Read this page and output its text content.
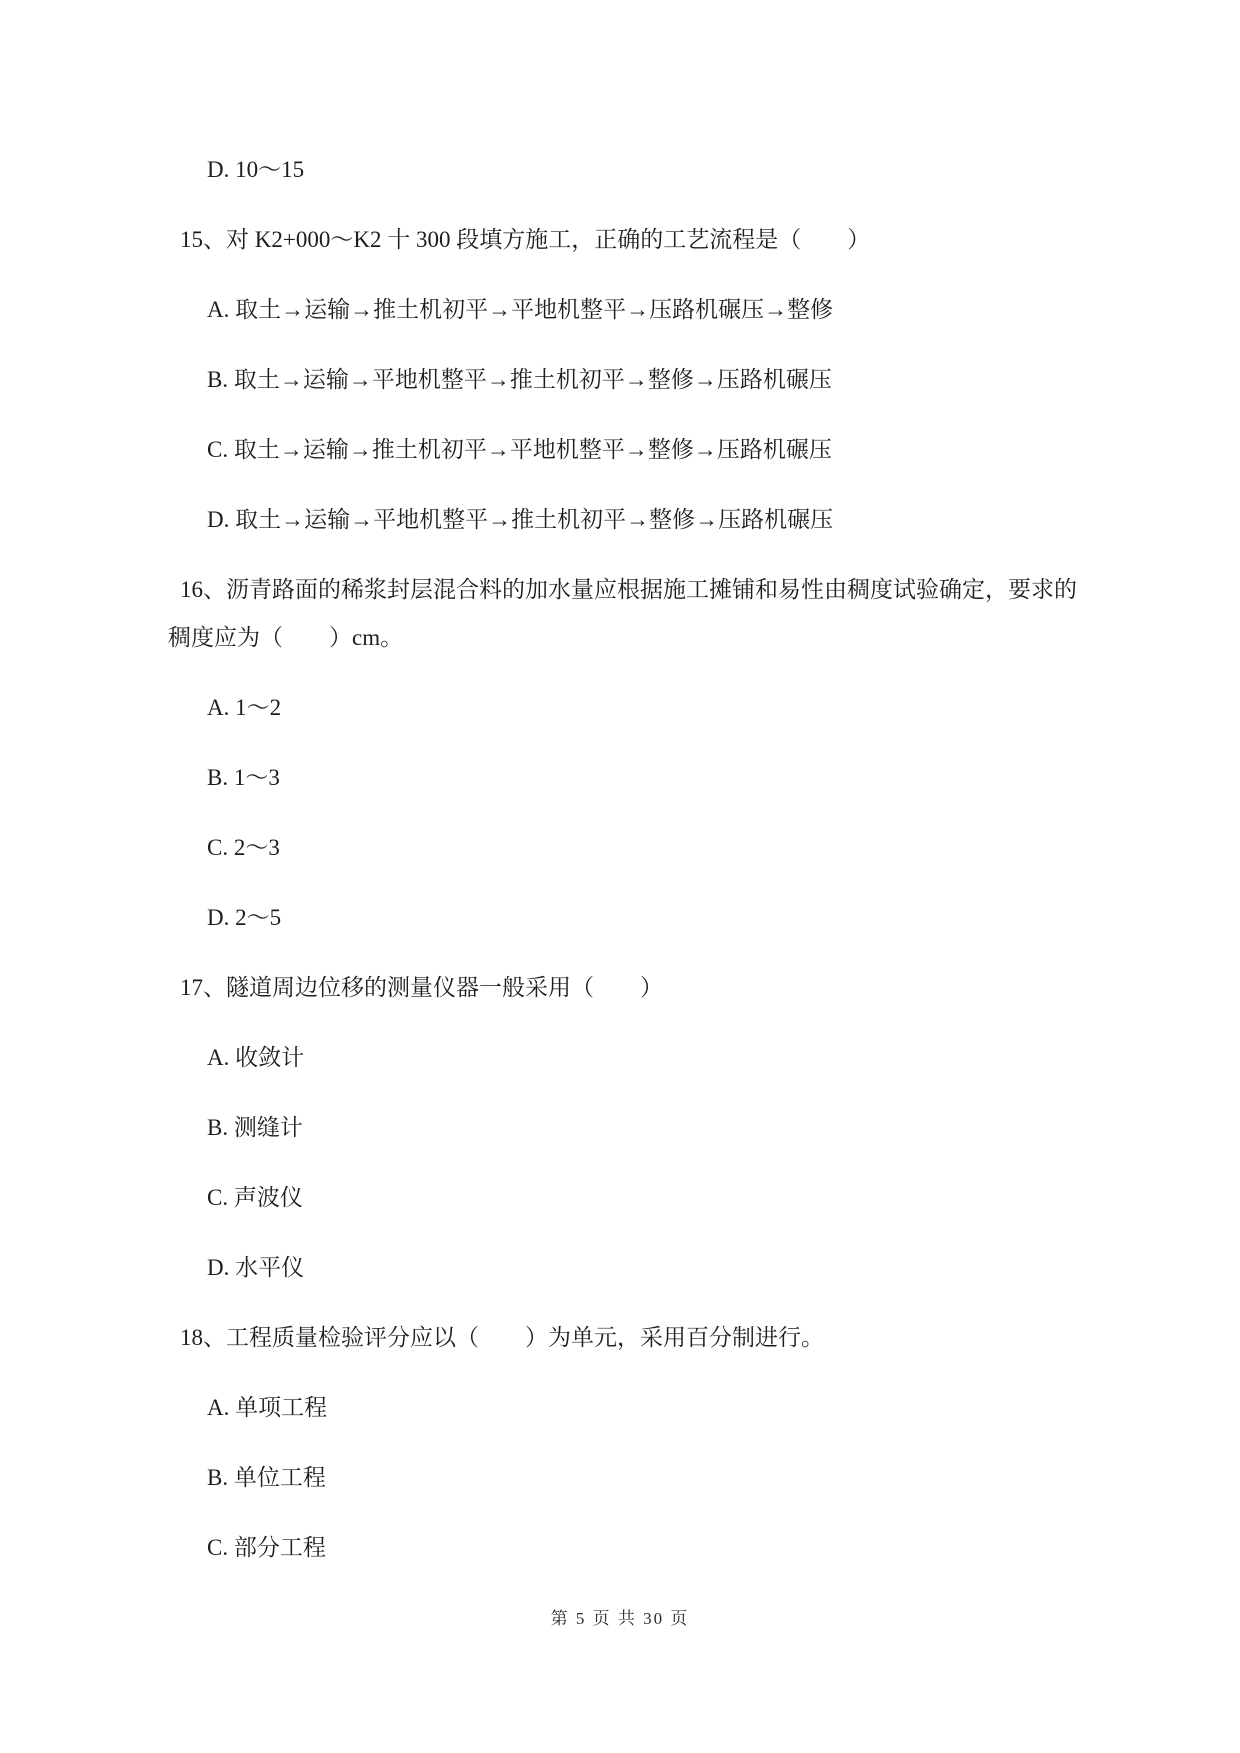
D. 10～15
15、对 K2+000～K2 十 300 段填方施工，正确的工艺流程是（　　）
A. 取土→运输→推土机初平→平地机整平→压路机碾压→整修
B. 取土→运输→平地机整平→推土机初平→整修→压路机碾压
C. 取土→运输→推土机初平→平地机整平→整修→压路机碾压
D. 取土→运输→平地机整平→推土机初平→整修→压路机碾压
16、沥青路面的稀浆封层混合料的加水量应根据施工摊铺和易性由稠度试验确定，要求的
稠度应为（　　）cm。
A. 1～2
B. 1～3
C. 2～3
D. 2～5
17、隧道周边位移的测量仪器一般采用（　　）
A. 收敛计
B. 测缝计
C. 声波仪
D. 水平仪
18、工程质量检验评分应以（　　）为单元，采用百分制进行。
A. 单项工程
B. 单位工程
C. 部分工程
第 5 页 共 30 页
